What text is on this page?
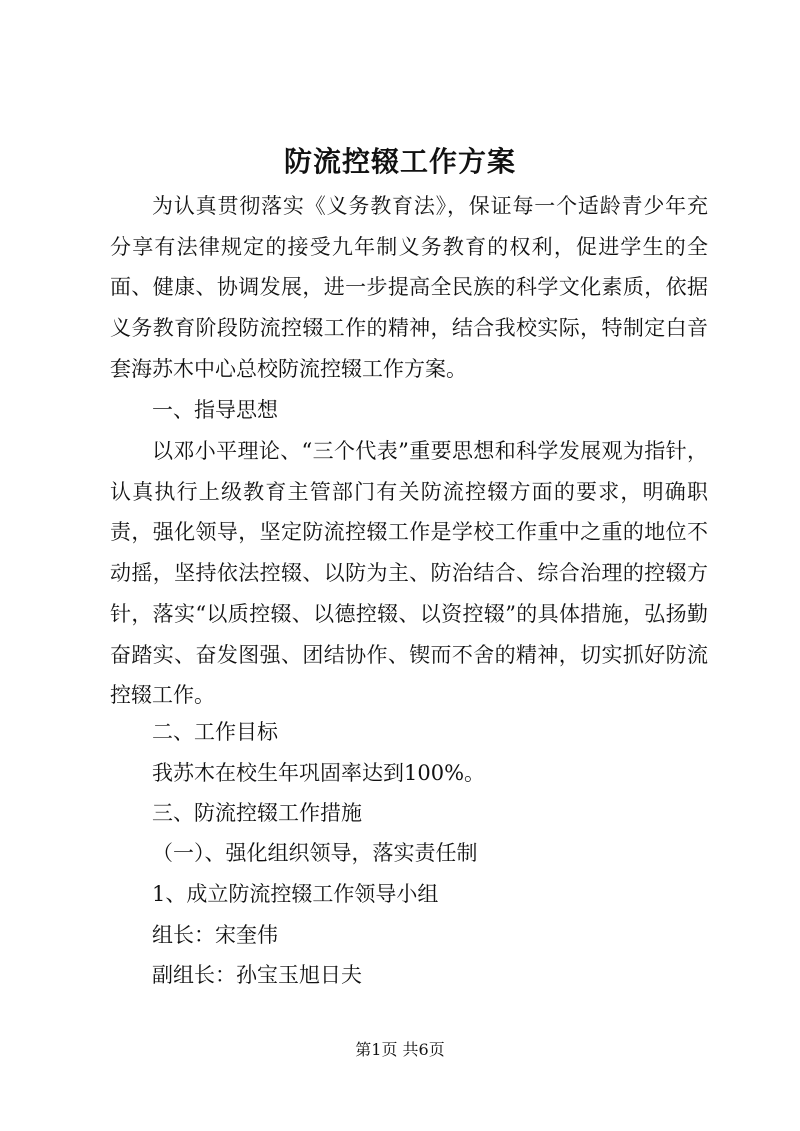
防流控辍工作方案

为认真贯彻落实《义务教育法》，保证每一个适龄青少年充分享有法律规定的接受九年制义务教育的权利，促进学生的全面、健康、协调发展，进一步提高全民族的科学文化素质，依据义务教育阶段防流控辍工作的精神，结合我校实际，特制定白音套海苏木中心总校防流控辍工作方案。

一、指导思想

以邓小平理论、“三个代表”重要思想和科学发展观为指针，认真执行上级教育主管部门有关防流控辍方面的要求，明确职责，强化领导，坚定防流控辍工作是学校工作重中之重的地位不动摇，坚持依法控辍、以防为主、防治结合、综合治理的控辍方针，落实“以质控辍、以德控辍、以资控辍”的具体措施，弘扬勤奋踏实、奋发图强、团结协作、锲而不舍的精神，切实抓好防流控辍工作。

二、工作目标
我苏木在校生年巩固率达到100%。
三、防流控辍工作措施
（一）、强化组织领导，落实责任制
1、成立防流控辍工作领导小组
组长：宋奎伟
副组长：孙宝玉旭日夫
第1页 共6页
